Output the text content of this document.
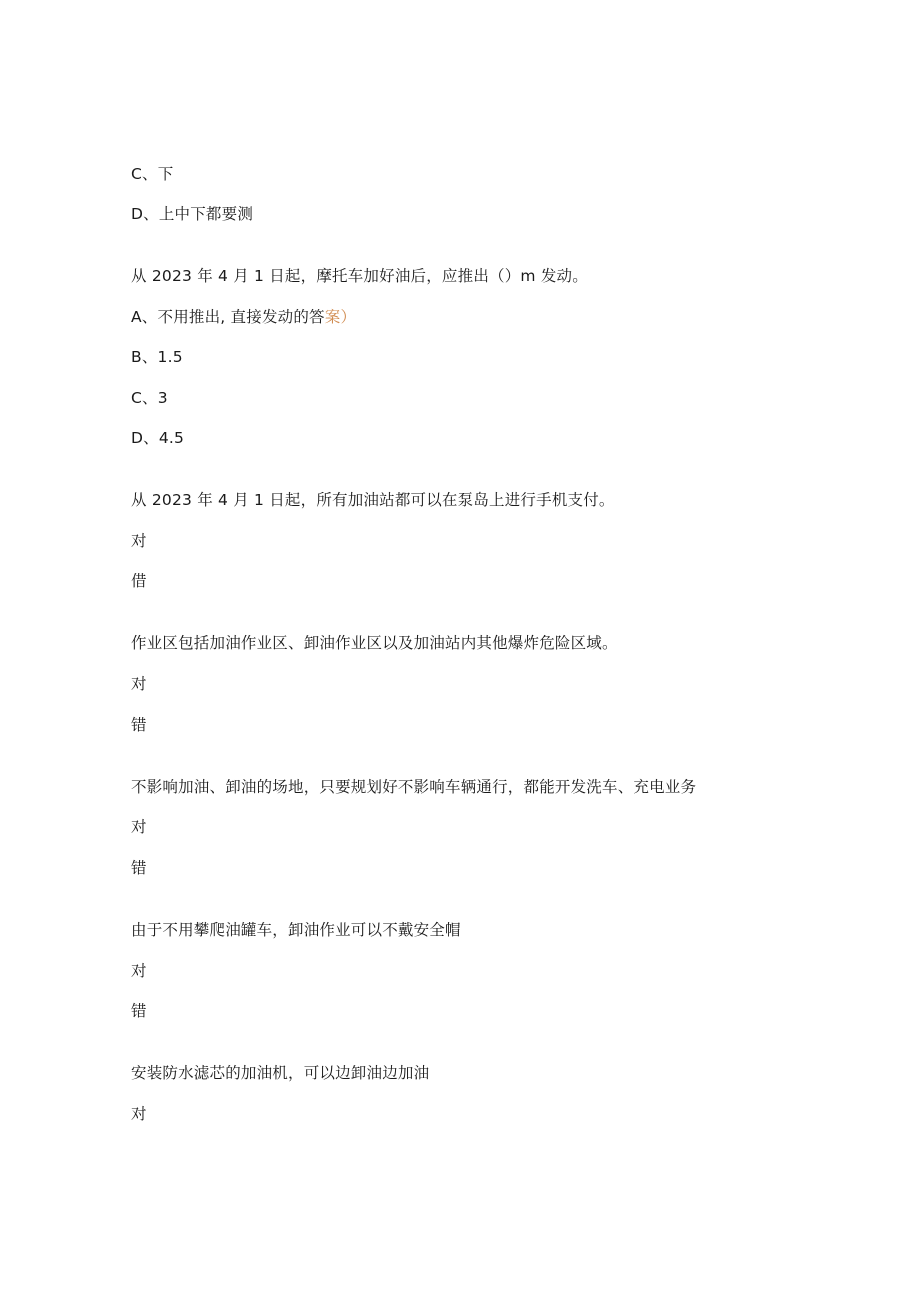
C、下
D、上中下都要测
从 2023 年 4 月 1 日起，摩托车加好油后，应推出（）m 发动。
A、不用推出, 直接发动的答案）
B、1.5
C、3
D、4.5
从 2023 年 4 月 1 日起，所有加油站都可以在泵岛上进行手机支付。
对
借
作业区包括加油作业区、卸油作业区以及加油站内其他爆炸危险区域。
对
错
不影响加油、卸油的场地，只要规划好不影响车辆通行，都能开发洗车、充电业务
对
错
由于不用攀爬油罐车，卸油作业可以不戴安全帽
对
错
安装防水滤芯的加油机，可以边卸油边加油
对
